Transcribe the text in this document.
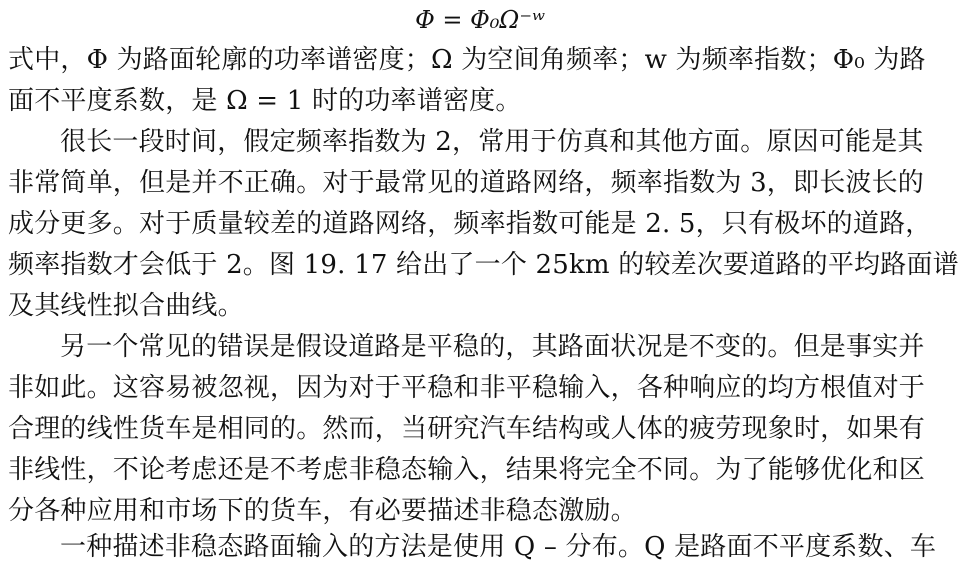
Φ = Φ₀Ω⁻ʷ
式中，Φ 为路面轮廓的功率谱密度；Ω 为空间角频率；w 为频率指数；Φ₀ 为路
面不平度系数，是 Ω = 1 时的功率谱密度。
很长一段时间，假定频率指数为 2，常用于仿真和其他方面。原因可能是其
非常简单，但是并不正确。对于最常见的道路网络，频率指数为 3，即长波长的
成分更多。对于质量较差的道路网络，频率指数可能是 2. 5，只有极坏的道路，
频率指数才会低于 2。图 19. 17 给出了一个 25km 的较差次要道路的平均路面谱
及其线性拟合曲线。
另一个常见的错误是假设道路是平稳的，其路面状况是不变的。但是事实并
非如此。这容易被忽视，因为对于平稳和非平稳输入，各种响应的均方根值对于
合理的线性货车是相同的。然而，当研究汽车结构或人体的疲劳现象时，如果有
非线性，不论考虑还是不考虑非稳态输入，结果将完全不同。为了能够优化和区
分各种应用和市场下的货车，有必要描述非稳态激励。
一种描述非稳态路面输入的方法是使用 Q – 分布。Q 是路面不平度系数、车
